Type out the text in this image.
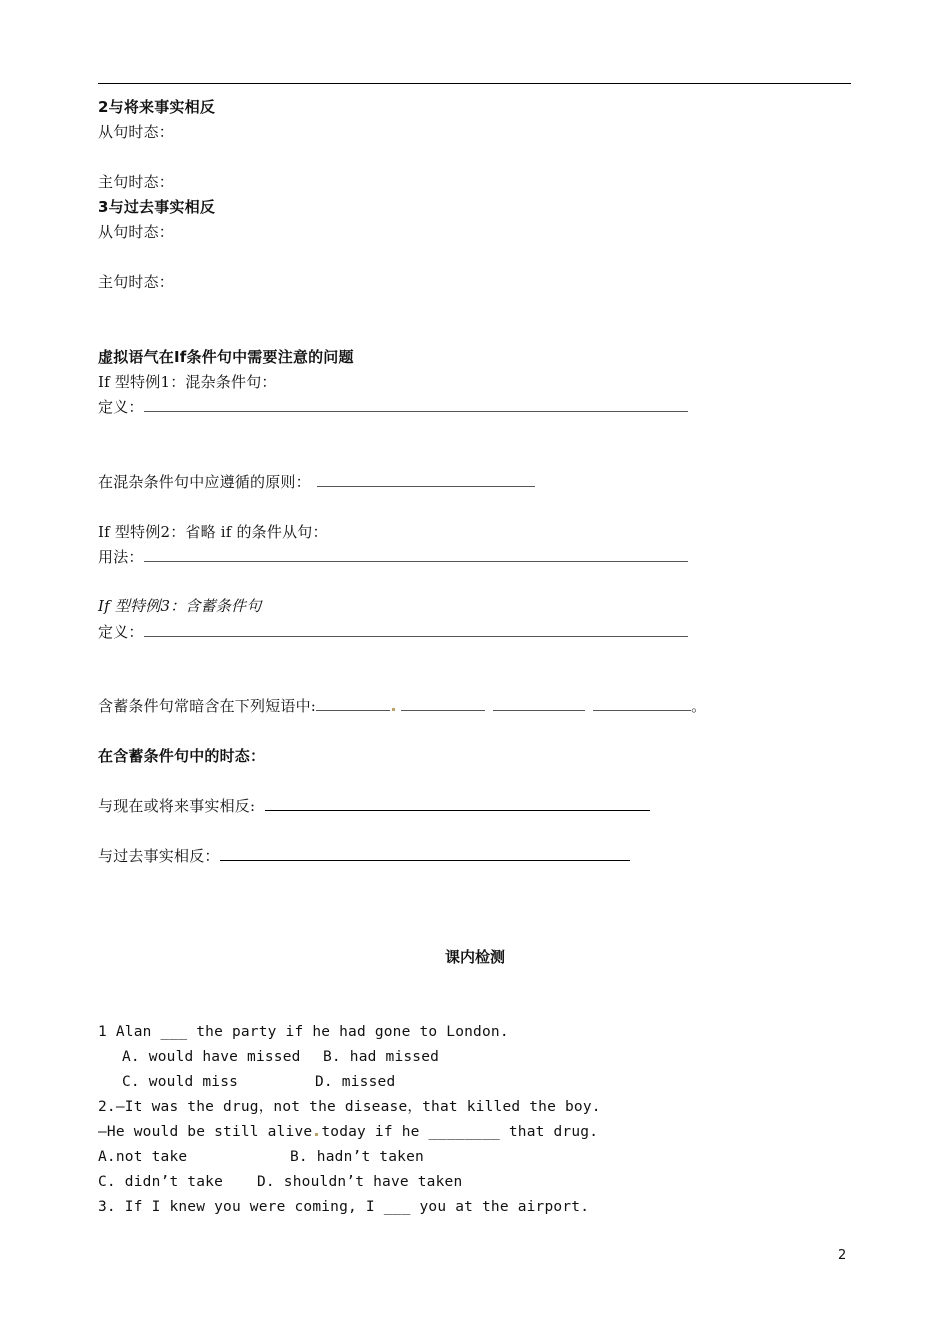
2与将来事实相反
从句时态：
主句时态：
3与过去事实相反
从句时态：
主句时态：
虚拟语气在If条件句中需要注意的问题
If 型特例1：混杂条件句：
定义：
在混杂条件句中应遵循的原则：
If 型特例2：省略 if 的条件从句：
用法：
If 型特例3：含蓄条件句
定义：
含蓄条件句常暗含在下列短语中:	。
在含蓄条件句中的时态：
与现在或将来事实相反:
与过去事实相反：
课内检测
1 Alan ___ the party if he had gone to London.
A. would have missed B. had missed
C. would miss	D. missed
2.—It was the drug，not the disease，that killed the boy.
—He would be still alive today if he ________ that drug.
A.not take	B. hadn’t taken
C. didn’t take D. shouldn’t have taken
3. If I knew you were coming, I ___ you at the airport.
2
